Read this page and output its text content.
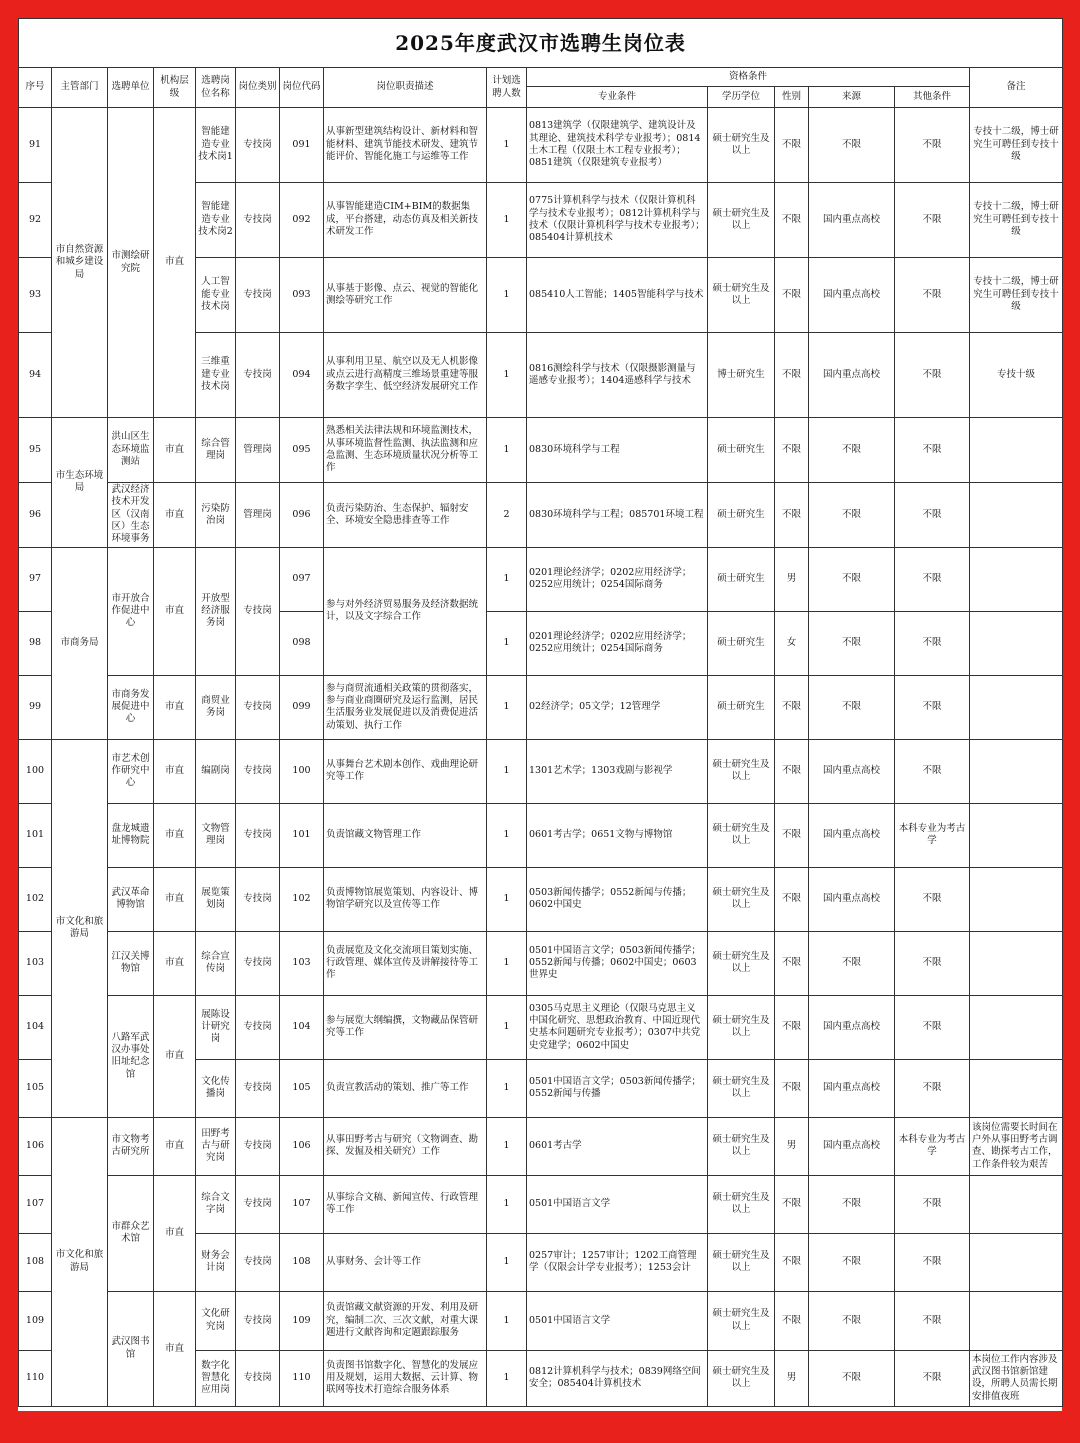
2025年度武汉市选聘生岗位表														
序号	主管部门	选聘单位	机构层级	选聘岗位名称	岗位类别	岗位代码	岗位职责描述	计划选聘人数	资格条件					备注
									专业条件	学历学位	性别	来源	其他条件	
91	市自然资源和城乡建设局	市测绘研究院	市直	智能建造专业技术岗1	专技岗	091	从事新型建筑结构设计、新材料和智能材料、建筑节能技术研发、建筑节能评价、智能化施工与运维等工作	1	0813建筑学（仅限建筑学、建筑设计及其理论、建筑技术科学专业报考）；0814土木工程（仅限土木工程专业报考）；0851建筑（仅限建筑专业报考）	硕士研究生及以上	不限	不限	不限	专技十二级，博士研究生可聘任到专技十级
92				智能建造专业技术岗2	专技岗	092	从事智能建造CIM+BIM的数据集成，平台搭建，动态仿真及相关新技术研发工作	1	0775计算机科学与技术（仅限计算机科学与技术专业报考）；0812计算机科学与技术（仅限计算机科学与技术专业报考）；085404计算机技术	硕士研究生及以上	不限	国内重点高校	不限	专技十二级，博士研究生可聘任到专技十级
93				人工智能专业技术岗	专技岗	093	从事基于影像、点云、视觉的智能化测绘等研究工作	1	085410人工智能；1405智能科学与技术	硕士研究生及以上	不限	国内重点高校	不限	专技十二级，博士研究生可聘任到专技十级
94				三维重建专业技术岗	专技岗	094	从事利用卫星、航空以及无人机影像或点云进行高精度三维场景重建等服务数字孪生、低空经济发展研究工作	1	0816测绘科学与技术（仅限摄影测量与遥感专业报考）；1404遥感科学与技术	博士研究生	不限	国内重点高校	不限	专技十级
95	市生态环境局	洪山区生态环境监测站	市直	综合管理岗	管理岗	095	熟悉相关法律法规和环境监测技术，从事环境监督性监测、执法监测和应急监测、生态环境质量状况分析等工作	1	0830环境科学与工程	硕士研究生	不限	不限	不限	
96		武汉经济技术开发区（汉南区）生态环境事务	市直	污染防治岗	管理岗	096	负责污染防治、生态保护、辐射安全、环境安全隐患排查等工作	2	0830环境科学与工程；085701环境工程	硕士研究生	不限	不限	不限	
97	市商务局	市开放合作促进中心	市直	开放型经济服务岗	专技岗	097	参与对外经济贸易服务及经济数据统计，以及文字综合工作	1	0201理论经济学；0202应用经济学；0252应用统计；0254国际商务	硕士研究生	男	不限	不限	
98						098		1	0201理论经济学；0202应用经济学；0252应用统计；0254国际商务	硕士研究生	女	不限	不限	
99		市商务发展促进中心	市直	商贸业务岗	专技岗	099	参与商贸流通相关政策的贯彻落实，参与商业商圈研究及运行监测，居民生活服务业发展促进以及消费促进活动策划、执行工作	1	02经济学；05文学；12管理学	硕士研究生	不限	不限	不限	
100	市文化和旅游局	市艺术创作研究中心	市直	编剧岗	专技岗	100	从事舞台艺术剧本创作、戏曲理论研究等工作	1	1301艺术学；1303戏剧与影视学	硕士研究生及以上	不限	国内重点高校	不限	
101		盘龙城遗址博物院	市直	文物管理岗	专技岗	101	负责馆藏文物管理工作	1	0601考古学；0651文物与博物馆	硕士研究生及以上	不限	国内重点高校	本科专业为考古学	
102		武汉革命博物馆	市直	展览策划岗	专技岗	102	负责博物馆展览策划、内容设计、博物馆学研究以及宣传等工作	1	0503新闻传播学；0552新闻与传播；0602中国史	硕士研究生及以上	不限	国内重点高校	不限	
103		江汉关博物馆	市直	综合宣传岗	专技岗	103	负责展览及文化交流项目策划实施、行政管理、媒体宣传及讲解接待等工作	1	0501中国语言文学；0503新闻传播学；0552新闻与传播；0602中国史；0603世界史	硕士研究生及以上	不限	不限	不限	
104		八路军武汉办事处旧址纪念馆	市直	展陈设计研究岗	专技岗	104	参与展览大纲编撰，文物藏品保管研究等工作	1	0305马克思主义理论（仅限马克思主义中国化研究、思想政治教育、中国近现代史基本问题研究专业报考）；0307中共党史党建学；0602中国史	硕士研究生及以上	不限	国内重点高校	不限	
105				文化传播岗	专技岗	105	负责宣教活动的策划、推广等工作	1	0501中国语言文学；0503新闻传播学；0552新闻与传播	硕士研究生及以上	不限	国内重点高校	不限	
106	市文化和旅游局	市文物考古研究所	市直	田野考古与研究岗	专技岗	106	从事田野考古与研究（文物调查、勘探、发掘及相关研究）工作	1	0601考古学	硕士研究生及以上	男	国内重点高校	本科专业为考古学	该岗位需要长时间在户外从事田野考古调查、勘探考古工作，工作条件较为艰苦
107		市群众艺术馆	市直	综合文字岗	专技岗	107	从事综合文稿、新闻宣传、行政管理等工作	1	0501中国语言文学	硕士研究生及以上	不限	不限	不限	
108				财务会计岗	专技岗	108	从事财务、会计等工作	1	0257审计；1257审计；1202工商管理学（仅限会计学专业报考）；1253会计	硕士研究生及以上	不限	不限	不限	
109		武汉图书馆	市直	文化研究岗	专技岗	109	负责馆藏文献资源的开发、利用及研究，编制二次、三次文献，对重大课题进行文献咨询和定题跟踪服务	1	0501中国语言文学	硕士研究生及以上	不限	不限	不限	
110				数字化智慧化应用岗	专技岗	110	负责图书馆数字化、智慧化的发展应用及规划，运用大数据、云计算、物联网等技术打造综合服务体系	1	0812计算机科学与技术；0839网络空间安全；085404计算机技术	硕士研究生及以上	男	不限	不限	本岗位工作内容涉及武汉图书馆新馆建设，所聘人员需长期安排值夜班
